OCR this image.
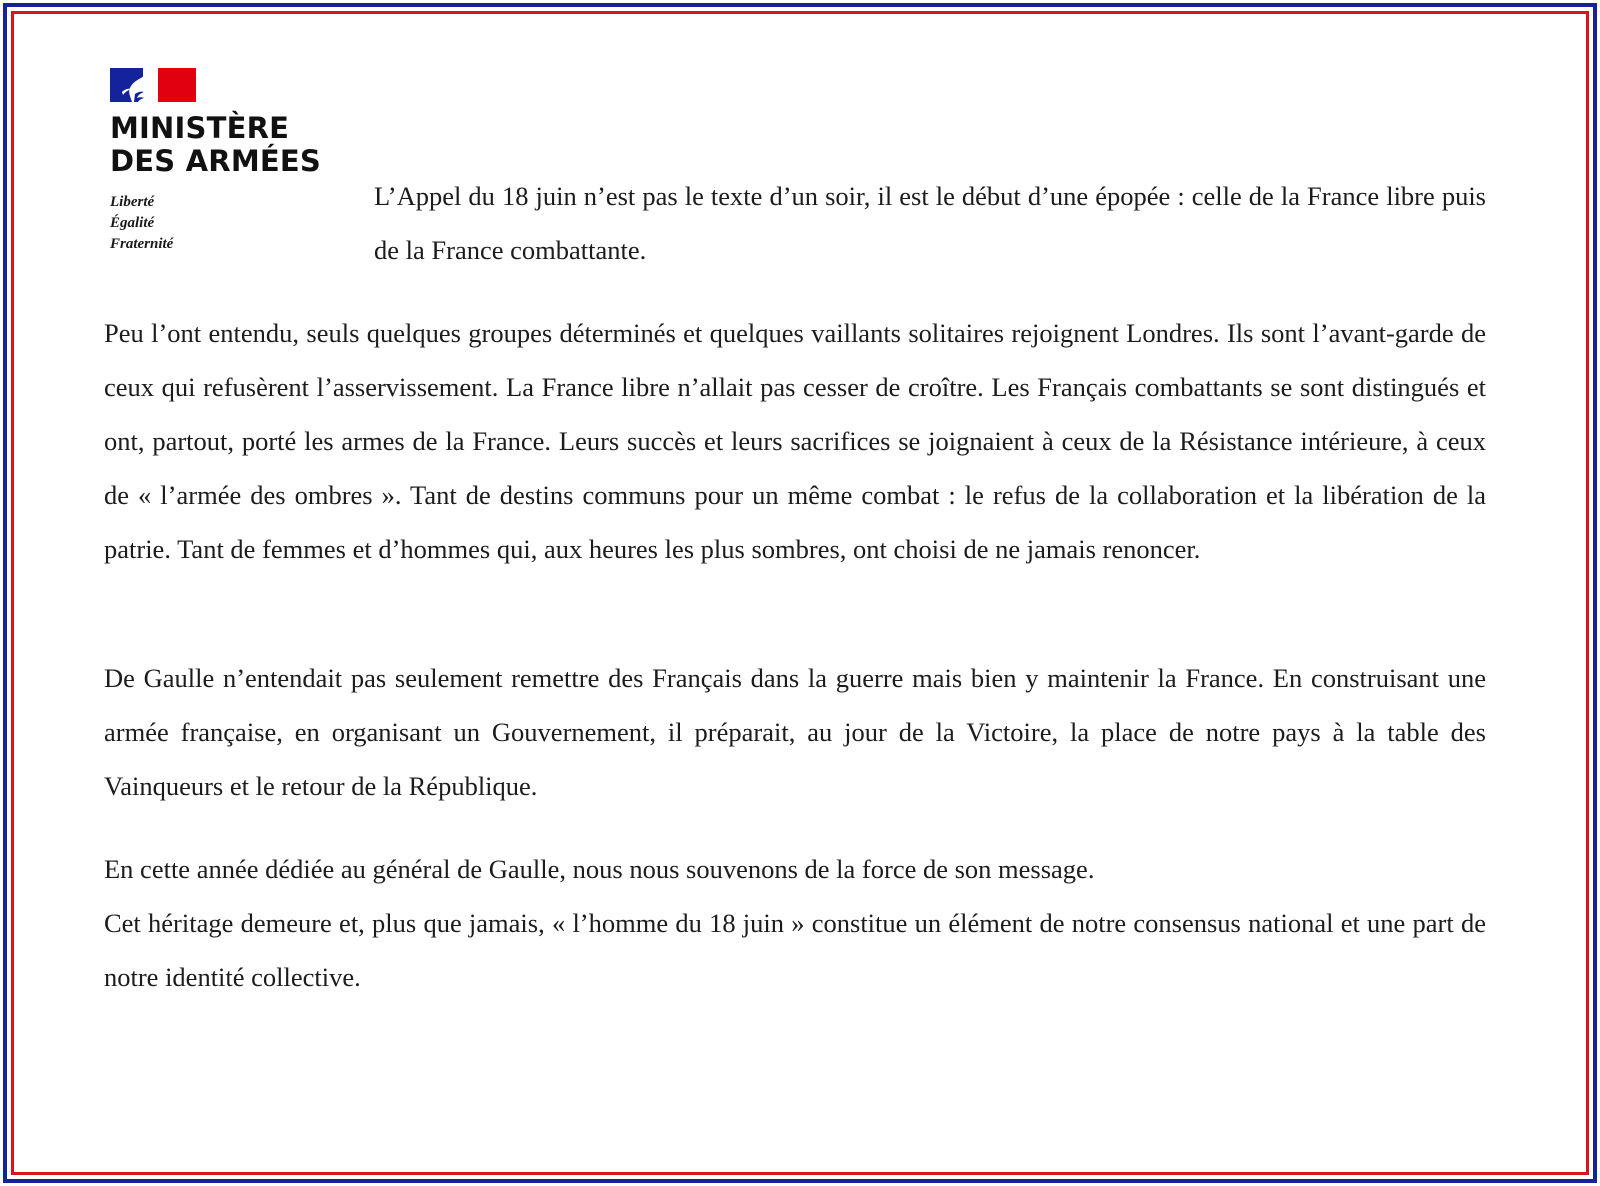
MINISTÈRE
DES ARMÉES
Liberté
Égalité
Fraternité

L’Appel du 18 juin n’est pas le texte d’un soir, il est le début d’une épopée : celle de la France libre puis de la France combattante.

Peu l’ont entendu, seuls quelques groupes déterminés et quelques vaillants solitaires rejoignent Londres. Ils sont l’avant-garde de ceux qui refusèrent l’asservissement. La France libre n’allait pas cesser de croître. Les Français combattants se sont distingués et ont, partout, porté les armes de la France. Leurs succès et leurs sacrifices se joignaient à ceux de la Résistance intérieure, à ceux de « l’armée des ombres ». Tant de destins communs pour un même combat : le refus de la collaboration et la libération de la patrie. Tant de femmes et d’hommes qui, aux heures les plus sombres, ont choisi de ne jamais renoncer.

De Gaulle n’entendait pas seulement remettre des Français dans la guerre mais bien y maintenir la France. En construisant une armée française, en organisant un Gouvernement, il préparait, au jour de la Victoire, la place de notre pays à la table des Vainqueurs et le retour de la République.

En cette année dédiée au général de Gaulle, nous nous souvenons de la force de son message.

Cet héritage demeure et, plus que jamais, « l’homme du 18 juin » constitue un élément de notre consensus national et une part de notre identité collective.
